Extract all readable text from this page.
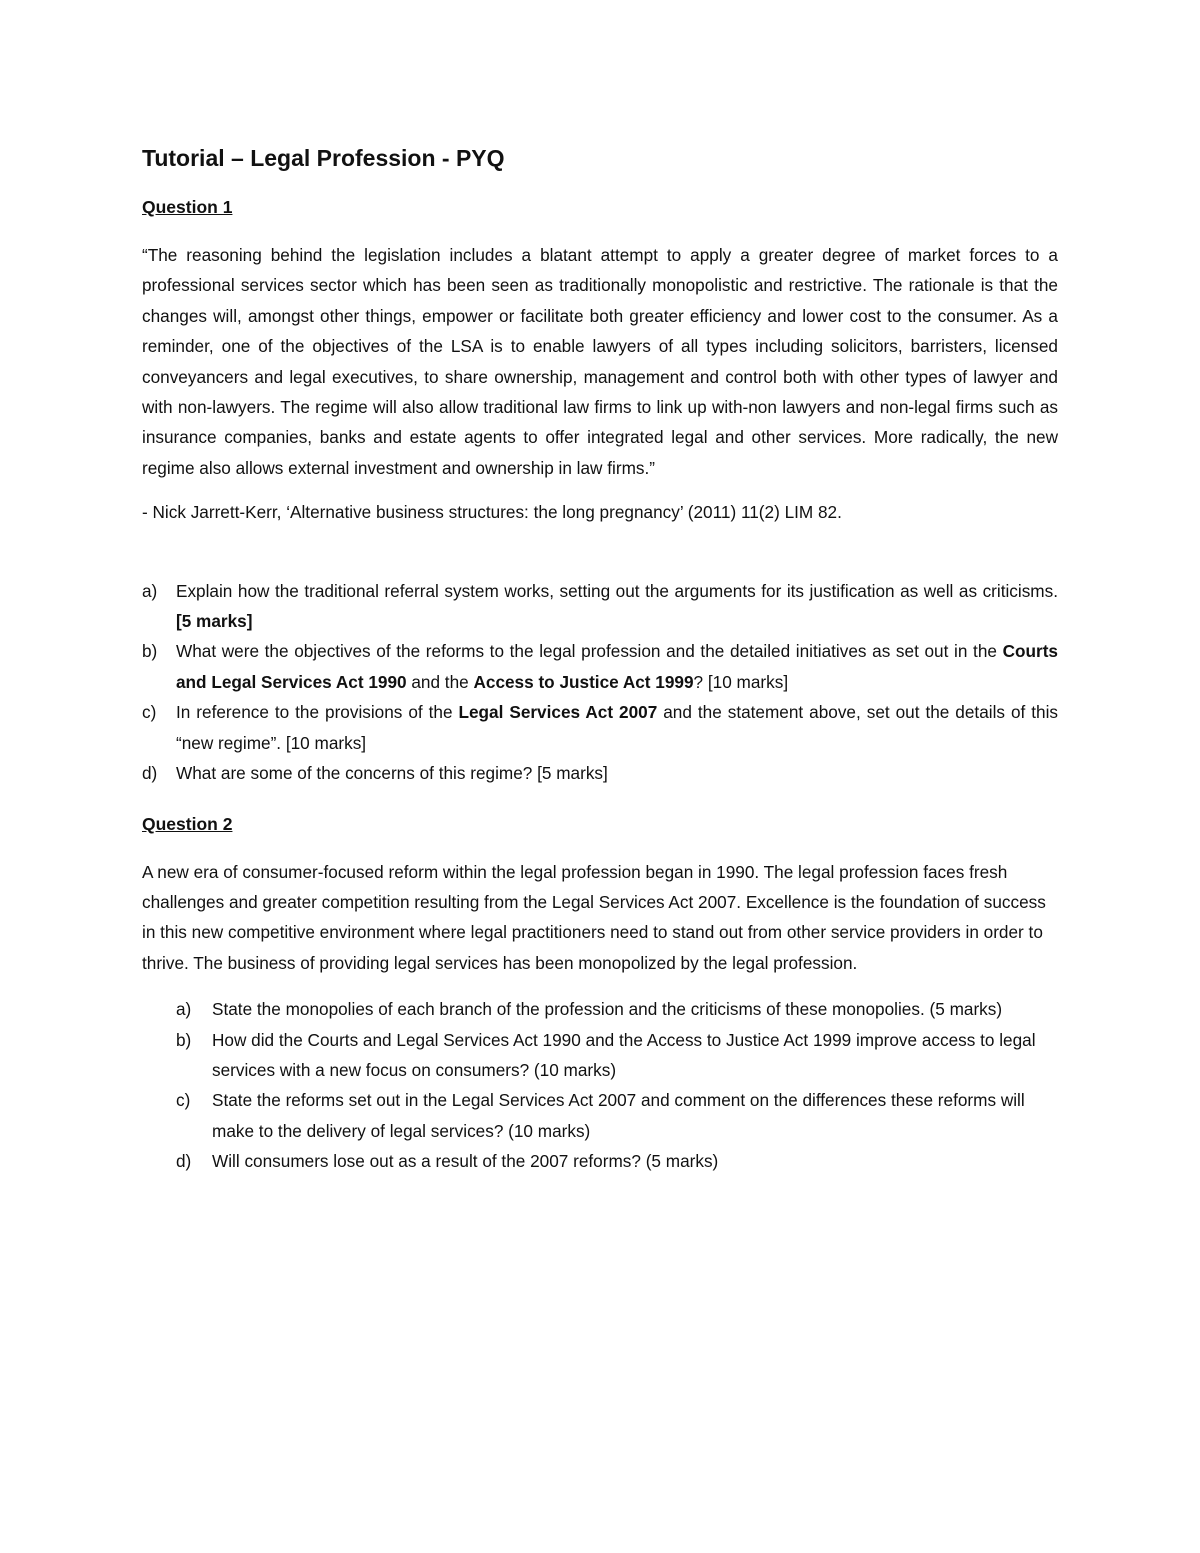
Tutorial – Legal Profession - PYQ
Question 1

“The reasoning behind the legislation includes a blatant attempt to apply a greater degree of market forces to a professional services sector which has been seen as traditionally monopolistic and restrictive. The rationale is that the changes will, amongst other things, empower or facilitate both greater efficiency and lower cost to the consumer. As a reminder, one of the objectives of the LSA is to enable lawyers of all types including solicitors, barristers, licensed conveyancers and legal executives, to share ownership, management and control both with other types of lawyer and with non-lawyers. The regime will also allow traditional law firms to link up with-non lawyers and non-legal firms such as insurance companies, banks and estate agents to offer integrated legal and other services. More radically, the new regime also allows external investment and ownership in law firms.”

- Nick Jarrett-Kerr, ‘Alternative business structures: the long pregnancy’ (2011) 11(2) LIM 82.
a) Explain how the traditional referral system works, setting out the arguments for its justification as well as criticisms.[5 marks]
b) What were the objectives of the reforms to the legal profession and the detailed initiatives as set out in the Courts and Legal Services Act 1990 and the Access to Justice Act 1999? [10 marks]
c) In reference to the provisions of the Legal Services Act 2007 and the statement above, set out the details of this “new regime”. [10 marks]
d) What are some of the concerns of this regime? [5 marks]
Question 2

A new era of consumer-focused reform within the legal profession began in 1990. The legal profession faces fresh challenges and greater competition resulting from the Legal Services Act 2007. Excellence is the foundation of success in this new competitive environment where legal practitioners need to stand out from other service providers in order to thrive. The business of providing legal services has been monopolized by the legal profession.

a) State the monopolies of each branch of the profession and the criticisms of these monopolies. (5 marks)
b) How did the Courts and Legal Services Act 1990 and the Access to Justice Act 1999 improve access to legal services with a new focus on consumers? (10 marks)
c) State the reforms set out in the Legal Services Act 2007 and comment on the differences these reforms will make to the delivery of legal services? (10 marks)
d) Will consumers lose out as a result of the 2007 reforms? (5 marks)
